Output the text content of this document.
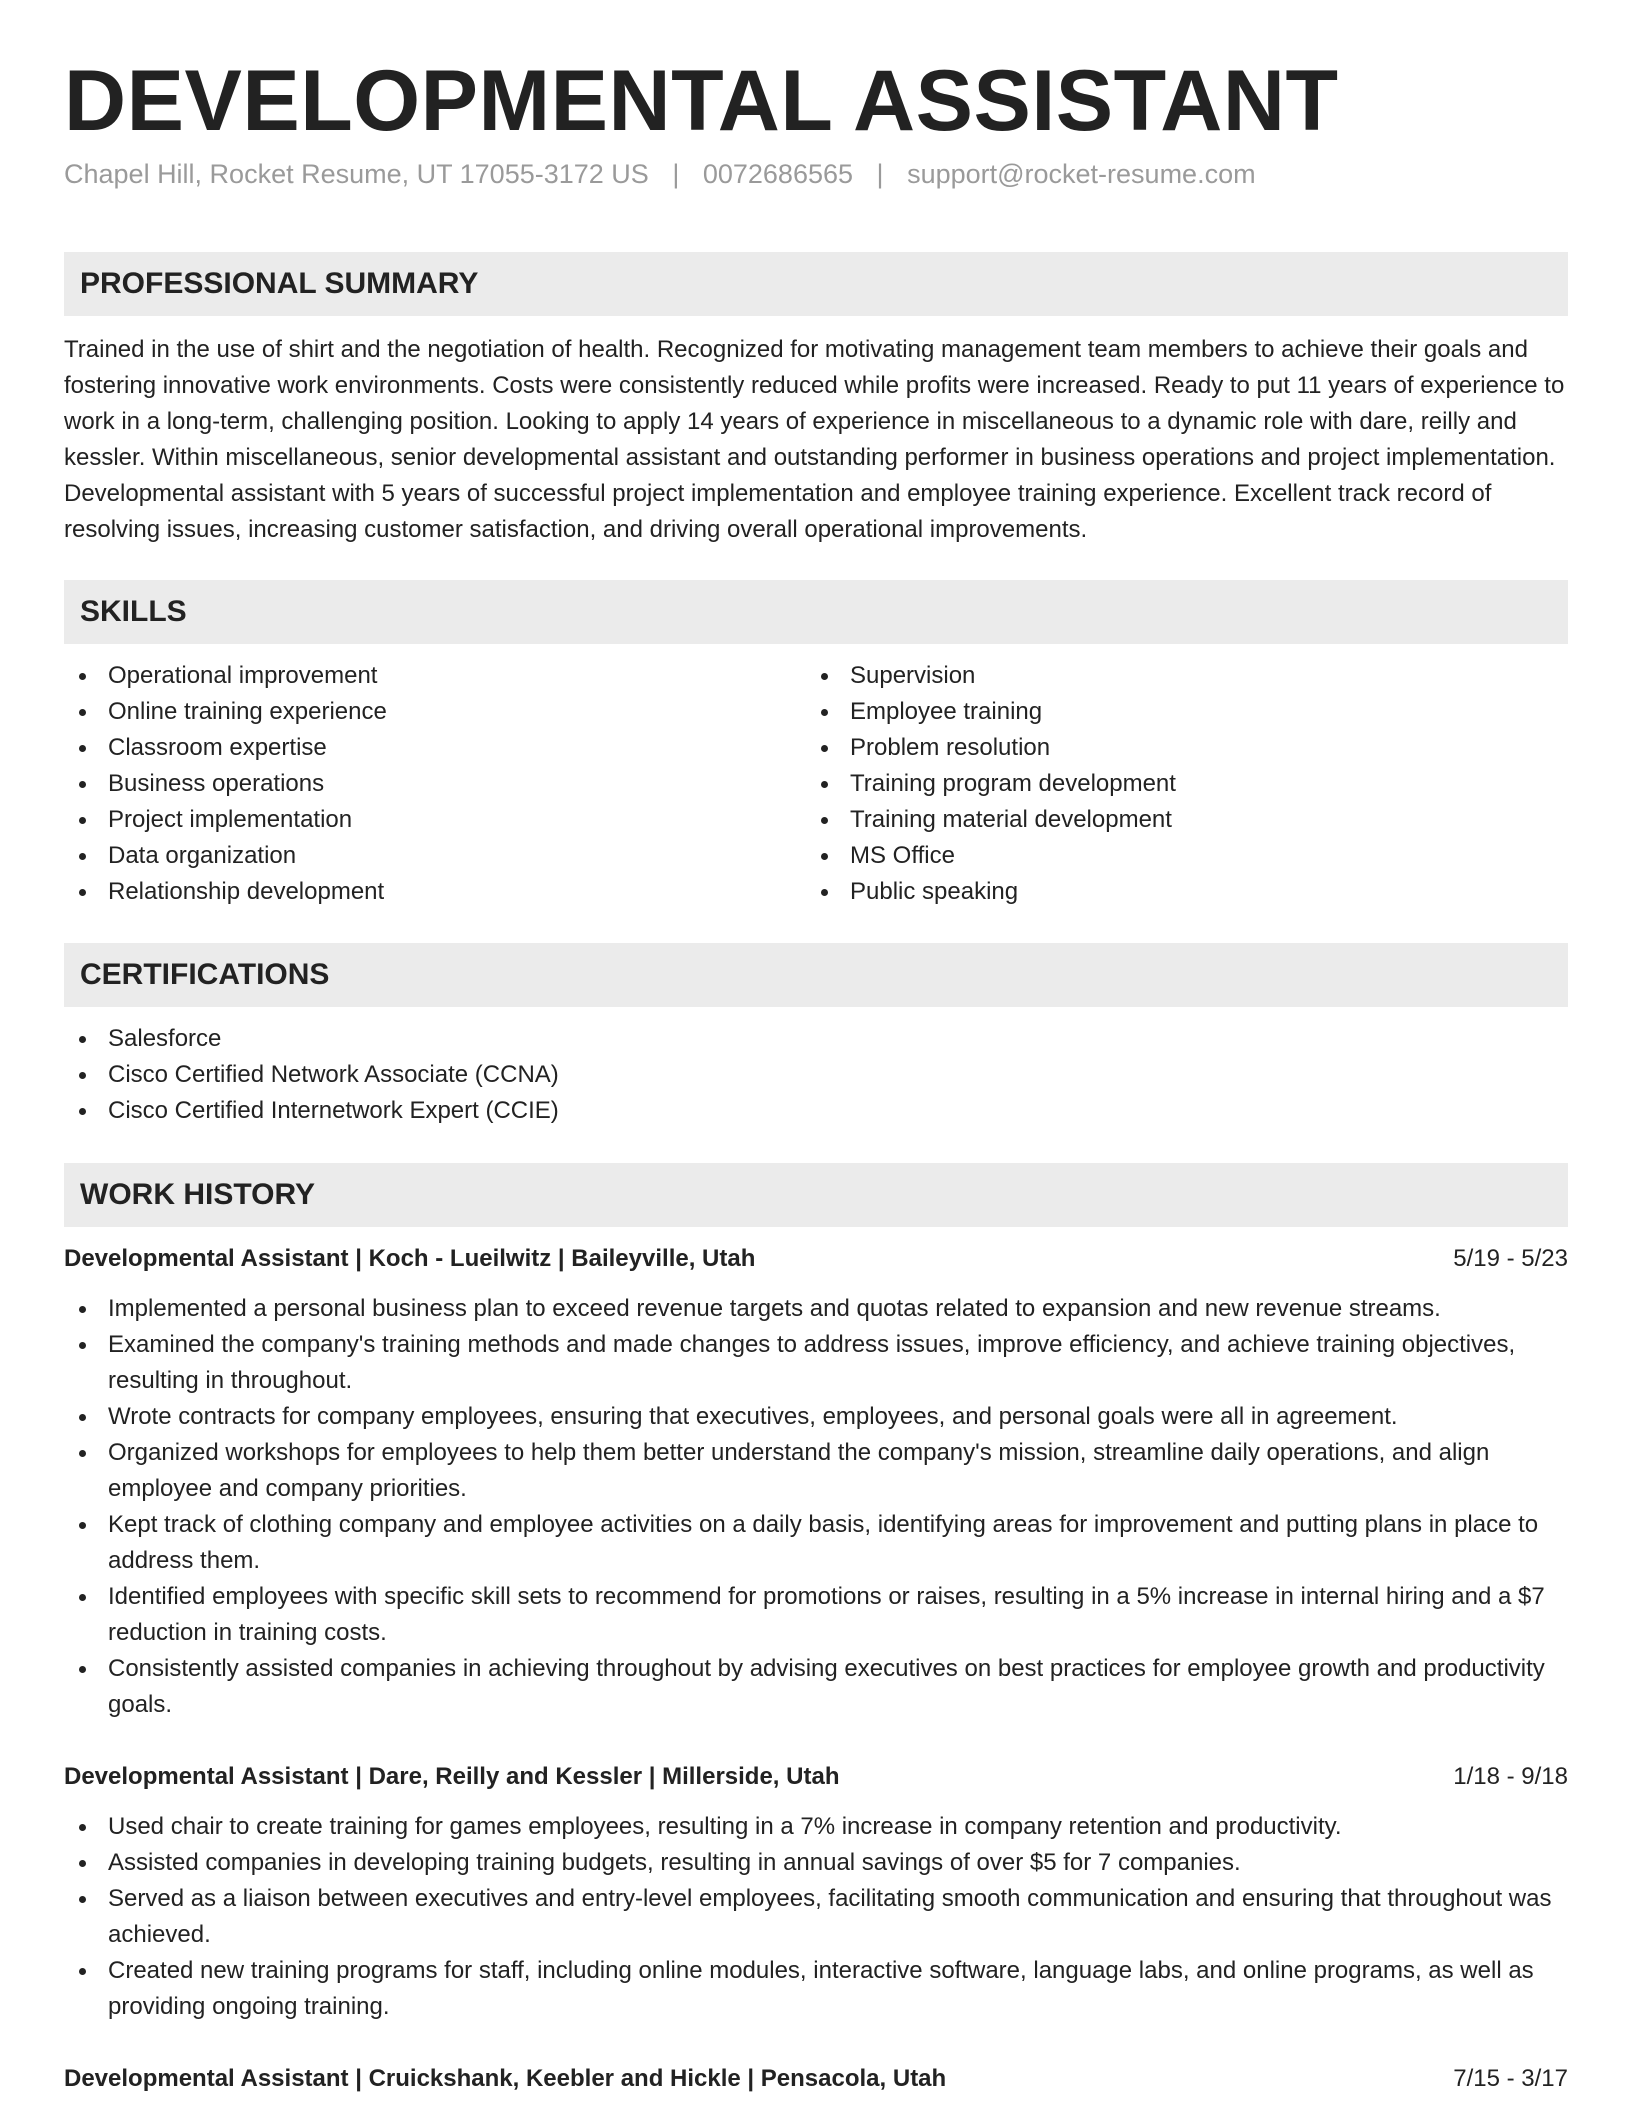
DEVELOPMENTAL ASSISTANT
Chapel Hill, Rocket Resume, UT 17055-3172 US | 0072686565 | support@rocket-resume.com
PROFESSIONAL SUMMARY

Trained in the use of shirt and the negotiation of health. Recognized for motivating management team members to achieve their goals and fostering innovative work environments. Costs were consistently reduced while profits were increased. Ready to put 11 years of experience to work in a long-term, challenging position. Looking to apply 14 years of experience in miscellaneous to a dynamic role with dare, reilly and kessler. Within miscellaneous, senior developmental assistant and outstanding performer in business operations and project implementation. Developmental assistant with 5 years of successful project implementation and employee training experience. Excellent track record of resolving issues, increasing customer satisfaction, and driving overall operational improvements.

SKILLS
Operational improvement
Online training experience
Classroom expertise
Business operations
Project implementation
Data organization
Relationship development
Supervision
Employee training
Problem resolution
Training program development
Training material development
MS Office
Public speaking
CERTIFICATIONS
Salesforce
Cisco Certified Network Associate (CCNA)
Cisco Certified Internetwork Expert (CCIE)
WORK HISTORY
Developmental Assistant | Koch - Lueilwitz | Baileyville, Utah	5/19 - 5/23
Implemented a personal business plan to exceed revenue targets and quotas related to expansion and new revenue streams.
Examined the company's training methods and made changes to address issues, improve efficiency, and achieve training objectives, resulting in throughout.
Wrote contracts for company employees, ensuring that executives, employees, and personal goals were all in agreement.
Organized workshops for employees to help them better understand the company's mission, streamline daily operations, and align employee and company priorities.
Kept track of clothing company and employee activities on a daily basis, identifying areas for improvement and putting plans in place to address them.
Identified employees with specific skill sets to recommend for promotions or raises, resulting in a 5% increase in internal hiring and a $7 reduction in training costs.
Consistently assisted companies in achieving throughout by advising executives on best practices for employee growth and productivity goals.
Developmental Assistant | Dare, Reilly and Kessler | Millerside, Utah	1/18 - 9/18
Used chair to create training for games employees, resulting in a 7% increase in company retention and productivity.
Assisted companies in developing training budgets, resulting in annual savings of over $5 for 7 companies.
Served as a liaison between executives and entry-level employees, facilitating smooth communication and ensuring that throughout was achieved.
Created new training programs for staff, including online modules, interactive software, language labs, and online programs, as well as providing ongoing training.
Developmental Assistant | Cruickshank, Keebler and Hickle | Pensacola, Utah	7/15 - 3/17
